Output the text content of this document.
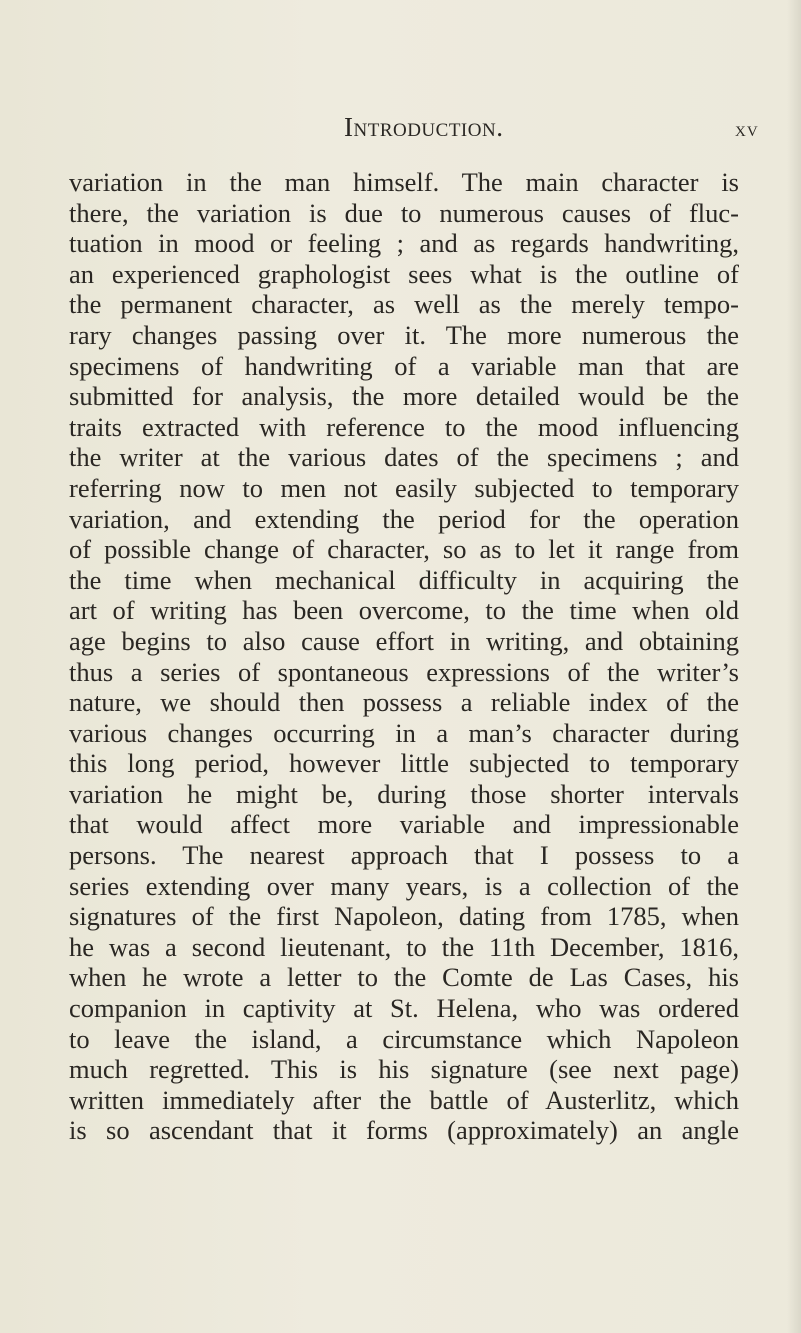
Introduction.	xv
variation in the man himself. The main character is
there, the variation is due to numerous causes of fluc-
tuation in mood or feeling ; and as regards handwriting,
an experienced graphologist sees what is the outline of
the permanent character, as well as the merely tempo-
rary changes passing over it. The more numerous the
specimens of handwriting of a variable man that are
submitted for analysis, the more detailed would be the
traits extracted with reference to the mood influencing
the writer at the various dates of the specimens ; and
referring now to men not easily subjected to temporary
variation, and extending the period for the operation
of possible change of character, so as to let it range from
the time when mechanical difficulty in acquiring the
art of writing has been overcome, to the time when old
age begins to also cause effort in writing, and obtaining
thus a series of spontaneous expressions of the writer’s
nature, we should then possess a reliable index of the
various changes occurring in a man’s character during
this long period, however little subjected to temporary
variation he might be, during those shorter intervals
that would affect more variable and impressionable
persons. The nearest approach that I possess to a
series extending over many years, is a collection of the
signatures of the first Napoleon, dating from 1785, when
he was a second lieutenant, to the 11th December, 1816,
when he wrote a letter to the Comte de Las Cases, his
companion in captivity at St. Helena, who was ordered
to leave the island, a circumstance which Napoleon
much regretted. This is his signature (see next page)
written immediately after the battle of Austerlitz, which
is so ascendant that it forms (approximately) an angle
